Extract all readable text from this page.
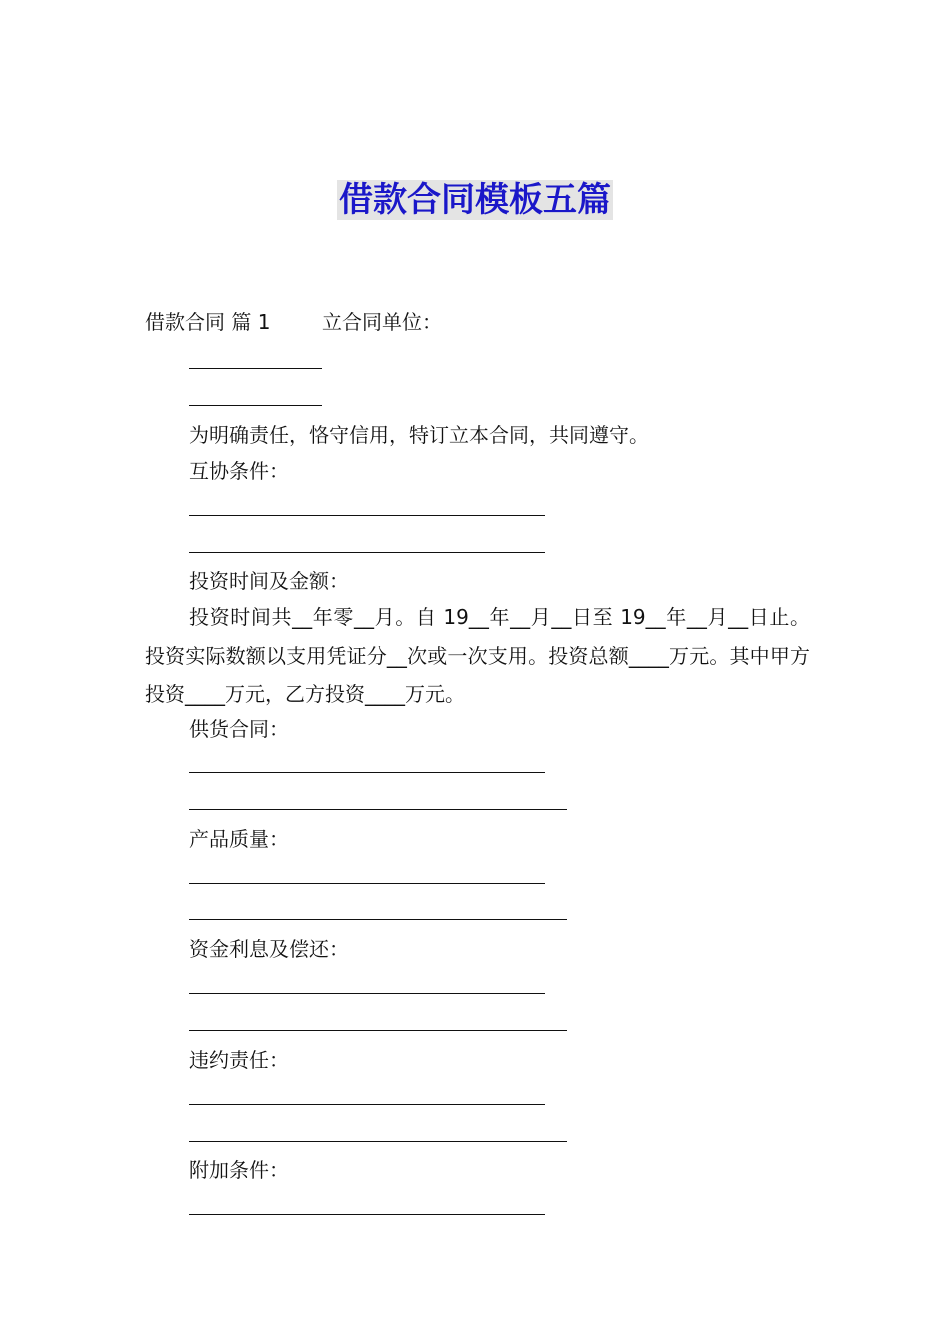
借款合同模板五篇
借款合同 篇 1	立合同单位：
为明确责任，恪守信用，特订立本合同，共同遵守。
互协条件：
投资时间及金额：
投资时间共__年零__月。自 19__年__月__日至 19__年__月__日止。投资实际数额以支用凭证分__次或一次支用。投资总额____万元。其中甲方投资____万元，乙方投资____万元。
供货合同：
产品质量：
资金利息及偿还：
违约责任：
附加条件：
